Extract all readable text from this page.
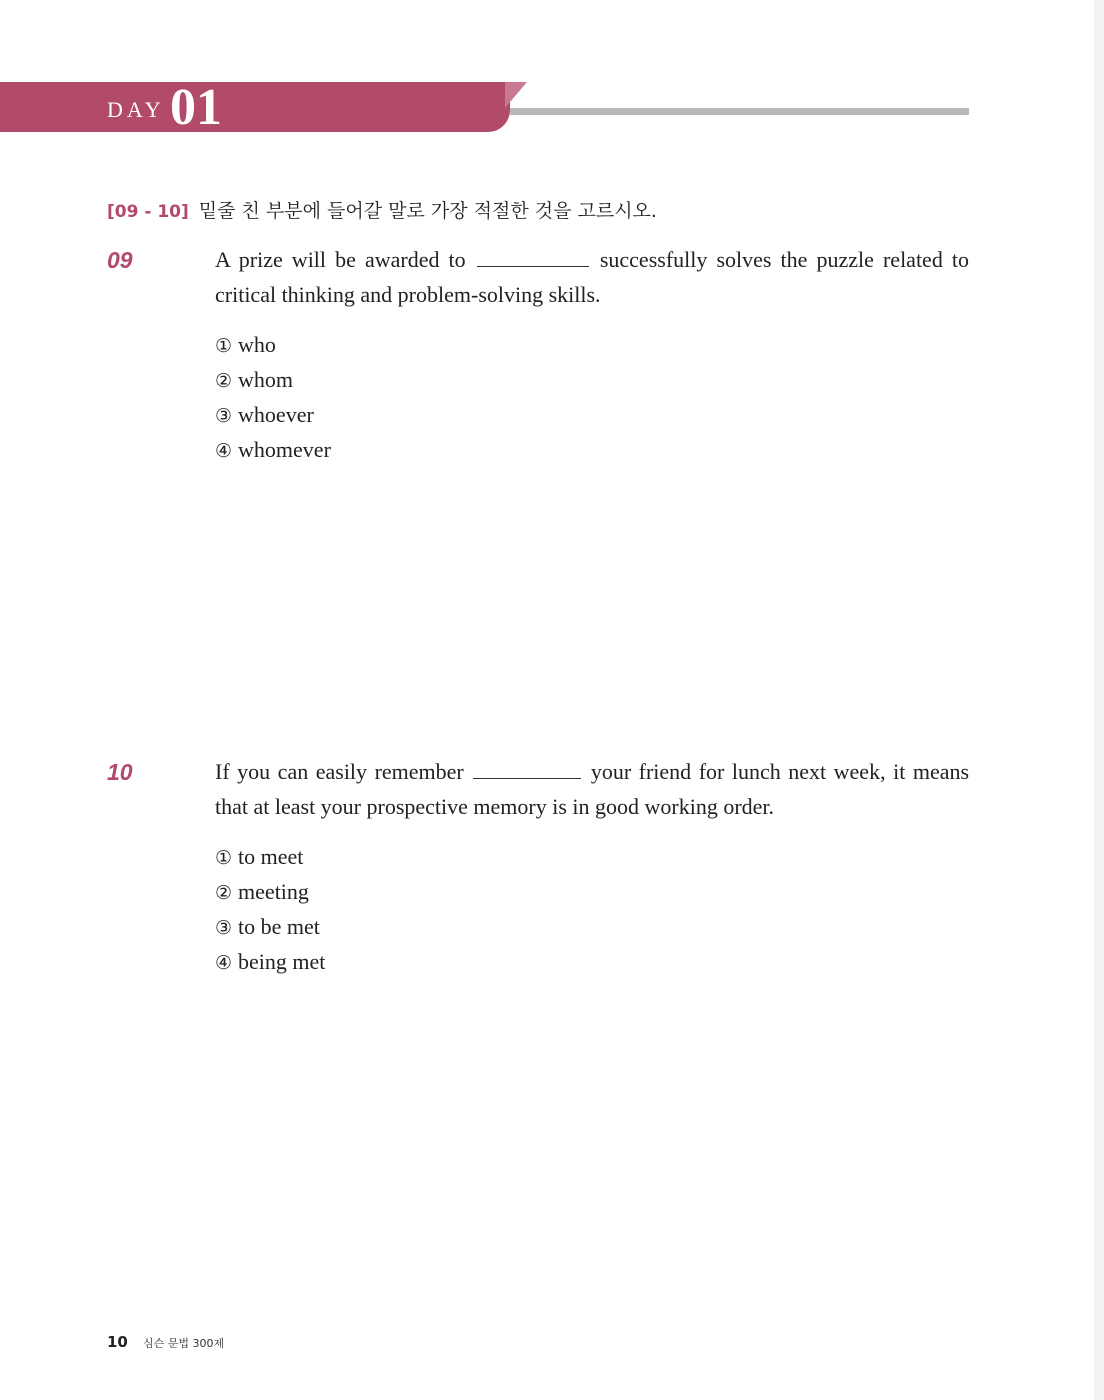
DAY 01
[09 - 10] 밑줄 친 부분에 들어갈 말로 가장 적절한 것을 고르시오.
09	A prize will be awarded to	successfully solves the puzzle related to critical thinking and problem-solving skills.
① who
② whom
③ whoever
④ whomever
10	If you can easily remember	your friend for lunch next week, it means that at least your prospective memory is in good working order.
① to meet
② meeting
③ to be met
④ being met
10 심슨 문법 300제
